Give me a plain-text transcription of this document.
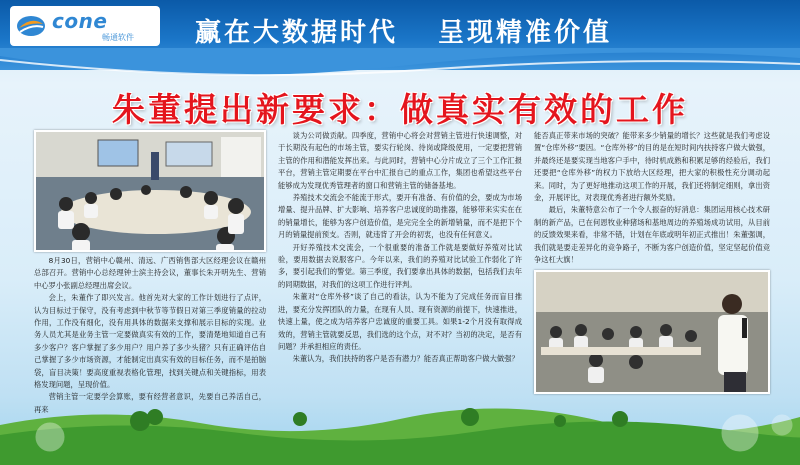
cone
畅通软件 赢在大数据时代 呈现精准价值
朱董提出新要求：做真实有效的工作

8月30日，营销中心赣州、清远、广西销售部大区经理会议在赣州总部召开。营销中心总经理钟士滨主持会议，董事长朱开明先生、营销中心罗小张副总经理出席会议。

会上，朱董作了即兴发言。他首先对大家的工作计划进行了点评，认为目标过于保守，没有考虑到中秋节等节假日对第三季度销量的拉动作用，工作没有细化，没有用具体的数据来支撑和展示目标的实现。业务人员尤其是业务主管一定要做真实有效的工作，要清楚地知道自己有多少客户？客户掌握了多少用户？用户养了多少头猪？只有正确评估自己掌握了多少市场资源，才能制定出真实有效的目标任务，而不是拍脑袋，盲目决策！要高度重视表格化管理，找到关键点和关键指标，用表格发现问题，呈现价值。

营销主管一定要学会算账，要有经营者意识，先要自己养活自己，再来

谈为公司做贡献。四季度，营销中心将会对营销主管进行快速调整，对于长期没有起色的市场主管，要实行轮岗、待岗或降级使用，一定要把营销主管的作用和潜能发挥出来。与此同时，营销中心分片成立了三个工作汇报平台，营销主管定期要在平台中汇报自己的重点工作，集团也希望这些平台能够成为发现优秀管理者的窗口和营销主管的储备基地。

养殖技术交流会不能流于形式，要开有准备、有价值的会，要成为市场增量、提升品牌、扩大影响、培养客户忠诚度的助推器，能够带来实实在在的销量增长，能够为客户创造价值，是完完全全的新增销量，而不是把下个月的销量提前预支。否则，就违背了开会的初衷，也没有任何意义。

开好养殖技术交流会，一个很重要的准备工作就是要做好养殖对比试验，要用数据去说服客户。今年以来，我们的养殖对比试验工作弱化了许多，要引起我们的警觉。第三季度，我们要拿出具体的数据，包括我们去年的同期数据，对我们的这项工作进行评判。

朱董对“仓库外移”谈了自己的看法，认为不能为了完成任务而盲目推进，要充分发挥团队的力量，在现有人员、现有资源的前提下，快速推进，快速上量，使之成为培养客户忠诚度的重要工具。如果1-2个月没有取得成效的，营销主管就要反思，我们选的这个点，对不对？当初的决定，是否有问题？并承担相应的责任。

朱董认为，我们扶持的客户是否有潜力？能否真正帮助客户做大做强？

能否真正带来市场的突破？能带来多少销量的增长？这些就是我们考虑设置“仓库外移”要因。“仓库外移”的目的是在短时间内扶持客户做大做强，并最终还是要实现当地客户手中，待时机成熟和积累足够的经验后，我们还要把“仓库外移”的权力下放给大区经理，把大家的积极性充分调动起来。同时，为了更好地推动这项工作的开展，我们还将制定细则，拿出资金，开展评比，对表现优秀者进行额外奖励。

最后，朱董特意公布了一个令人振奋的好消息：集团运用核心技术研制的新产品，已在何恩牧业种猪场和基地周边的养殖场成功试用，从目前的反馈效果来看，非常不错，计划在年底或明年初正式推出！朱董强调，我们就是要走差异化的竞争路子，不断为客户创造价值，坚定坚起价值竞争这杠大旗！
